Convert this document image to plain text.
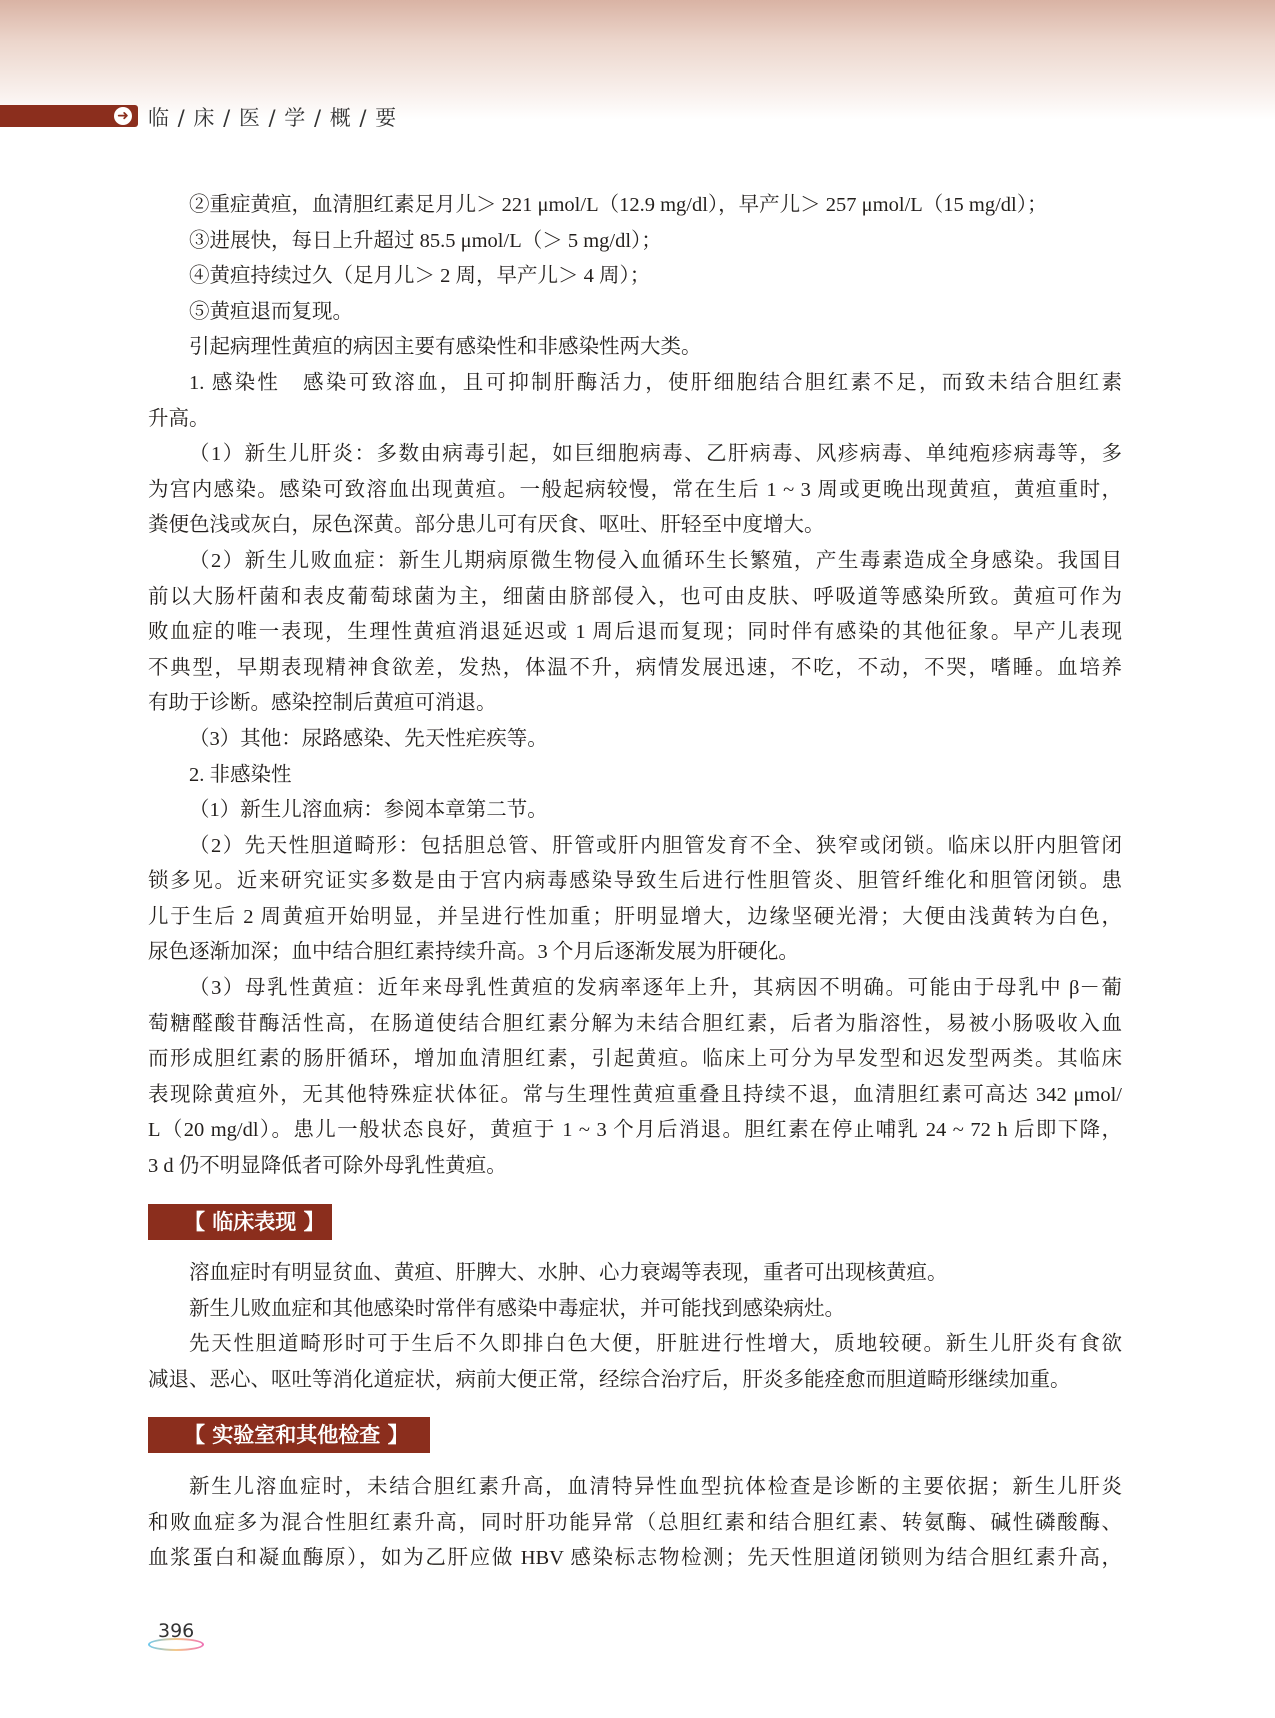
➜ 临 / 床 / 医 / 学 / 概 / 要
②重症黄疸，血清胆红素足月儿＞ 221 μmol/L（12.9 mg/dl），早产儿＞ 257 μmol/L（15 mg/dl）；
③进展快，每日上升超过 85.5 μmol/L（＞ 5 mg/dl）；
④黄疸持续过久（足月儿＞ 2 周，早产儿＞ 4 周）；
⑤黄疸退而复现。
引起病理性黄疸的病因主要有感染性和非感染性两大类。
1. 感染性　感染可致溶血，且可抑制肝酶活力，使肝细胞结合胆红素不足，而致未结合胆红素
升高。
（1）新生儿肝炎：多数由病毒引起，如巨细胞病毒、乙肝病毒、风疹病毒、单纯疱疹病毒等，多
为宫内感染。感染可致溶血出现黄疸。一般起病较慢，常在生后 1 ~ 3 周或更晚出现黄疸，黄疸重时，
粪便色浅或灰白，尿色深黄。部分患儿可有厌食、呕吐、肝轻至中度增大。
（2）新生儿败血症：新生儿期病原微生物侵入血循环生长繁殖，产生毒素造成全身感染。我国目
前以大肠杆菌和表皮葡萄球菌为主，细菌由脐部侵入，也可由皮肤、呼吸道等感染所致。黄疸可作为
败血症的唯一表现，生理性黄疸消退延迟或 1 周后退而复现；同时伴有感染的其他征象。早产儿表现
不典型，早期表现精神食欲差，发热，体温不升，病情发展迅速，不吃，不动，不哭，嗜睡。血培养
有助于诊断。感染控制后黄疸可消退。
（3）其他：尿路感染、先天性疟疾等。
2. 非感染性
（1）新生儿溶血病：参阅本章第二节。
（2）先天性胆道畸形：包括胆总管、肝管或肝内胆管发育不全、狭窄或闭锁。临床以肝内胆管闭
锁多见。近来研究证实多数是由于宫内病毒感染导致生后进行性胆管炎、胆管纤维化和胆管闭锁。患
儿于生后 2 周黄疸开始明显，并呈进行性加重；肝明显增大，边缘坚硬光滑；大便由浅黄转为白色，
尿色逐渐加深；血中结合胆红素持续升高。3 个月后逐渐发展为肝硬化。
（3）母乳性黄疸：近年来母乳性黄疸的发病率逐年上升，其病因不明确。可能由于母乳中 β－葡
萄糖醛酸苷酶活性高，在肠道使结合胆红素分解为未结合胆红素，后者为脂溶性，易被小肠吸收入血
而形成胆红素的肠肝循环，增加血清胆红素，引起黄疸。临床上可分为早发型和迟发型两类。其临床
表现除黄疸外，无其他特殊症状体征。常与生理性黄疸重叠且持续不退，血清胆红素可高达 342 μmol/
L（20 mg/dl）。患儿一般状态良好，黄疸于 1 ~ 3 个月后消退。胆红素在停止哺乳 24 ~ 72 h 后即下降，
3 d 仍不明显降低者可除外母乳性黄疸。
【 临床表现 】
溶血症时有明显贫血、黄疸、肝脾大、水肿、心力衰竭等表现，重者可出现核黄疸。
新生儿败血症和其他感染时常伴有感染中毒症状，并可能找到感染病灶。
先天性胆道畸形时可于生后不久即排白色大便，肝脏进行性增大，质地较硬。新生儿肝炎有食欲
减退、恶心、呕吐等消化道症状，病前大便正常，经综合治疗后，肝炎多能痊愈而胆道畸形继续加重。
【 实验室和其他检查 】
新生儿溶血症时，未结合胆红素升高，血清特异性血型抗体检查是诊断的主要依据；新生儿肝炎
和败血症多为混合性胆红素升高，同时肝功能异常（总胆红素和结合胆红素、转氨酶、碱性磷酸酶、
血浆蛋白和凝血酶原），如为乙肝应做 HBV 感染标志物检测；先天性胆道闭锁则为结合胆红素升高，
396
